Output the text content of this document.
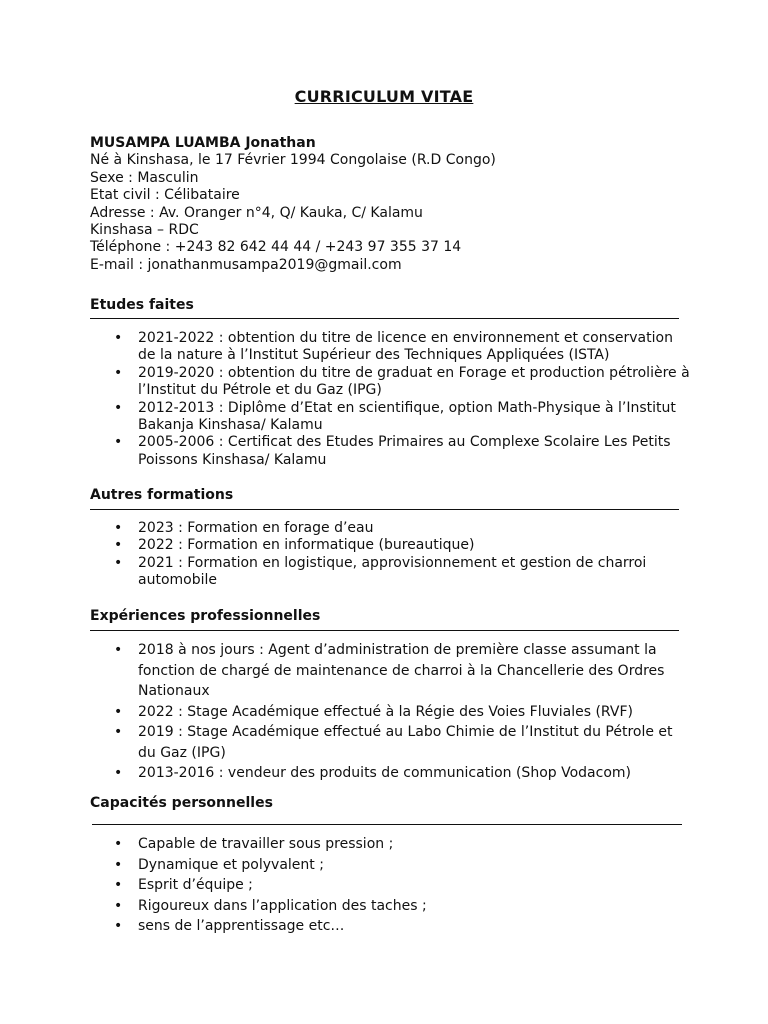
CURRICULUM VITAE
MUSAMPA LUAMBA Jonathan
Né à Kinshasa, le 17 Février 1994 Congolaise (R.D Congo)
Sexe : Masculin
Etat civil : Célibataire
Adresse : Av. Oranger n°4, Q/ Kauka, C/ Kalamu
Kinshasa – RDC
Téléphone : +243 82 642 44 44 / +243 97 355 37 14
E-mail : jonathanmusampa2019@gmail.com
Etudes faites
• 2021-2022 : obtention du titre de licence en environnement et conservation
de la nature à l’Institut Supérieur des Techniques Appliquées (ISTA)
• 2019-2020 : obtention du titre de graduat en Forage et production pétrolière à
l’Institut du Pétrole et du Gaz (IPG)
• 2012-2013 : Diplôme d’Etat en scientifique, option Math-Physique à l’Institut
Bakanja Kinshasa/ Kalamu
• 2005-2006 : Certificat des Etudes Primaires au Complexe Scolaire Les Petits
Poissons Kinshasa/ Kalamu
Autres formations
• 2023 : Formation en forage d’eau
• 2022 : Formation en informatique (bureautique)
• 2021 : Formation en logistique, approvisionnement et gestion de charroi
automobile
Expériences professionnelles
• 2018 à nos jours : Agent d’administration de première classe assumant la
fonction de chargé de maintenance de charroi à la Chancellerie des Ordres
Nationaux
• 2022 : Stage Académique effectué à la Régie des Voies Fluviales (RVF)
• 2019 : Stage Académique effectué au Labo Chimie de l’Institut du Pétrole et
du Gaz (IPG)
• 2013-2016 : vendeur des produits de communication (Shop Vodacom)
Capacités personnelles
• Capable de travailler sous pression ;
• Dynamique et polyvalent ;
• Esprit d’équipe ;
• Rigoureux dans l’application des taches ;
• sens de l’apprentissage etc…
